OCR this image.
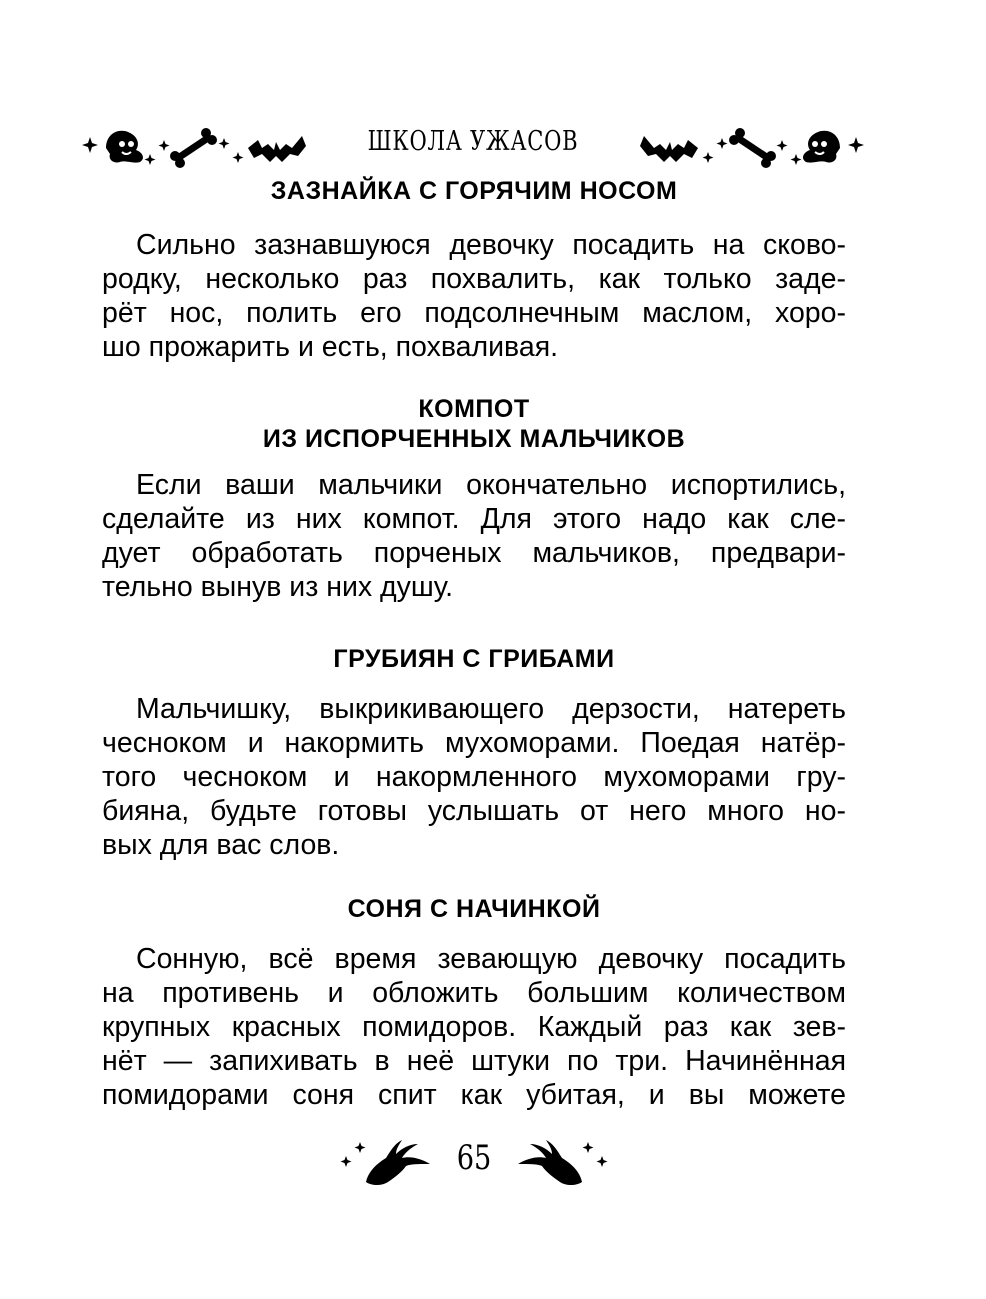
ШКОЛА УЖАСОВ
ЗАЗНАЙКА С ГОРЯЧИМ НОСОМ
Сильно зазнавшуюся девочку посадить на сково-
родку, несколько раз похвалить, как только заде-
рёт нос, полить его подсолнечным маслом, хоро-
шо прожарить и есть, похваливая.
КОМПОТ
ИЗ ИСПОРЧЕННЫХ МАЛЬЧИКОВ
Если ваши мальчики окончательно испортились,
сделайте из них компот. Для этого надо как сле-
дует обработать порченых мальчиков, предвари-
тельно вынув из них душу.
ГРУБИЯН С ГРИБАМИ
Мальчишку, выкрикивающего дерзости, натереть
чесноком и накормить мухоморами. Поедая натёр-
того чесноком и накормленного мухоморами гру-
бияна, будьте готовы услышать от него много но-
вых для вас слов.
СОНЯ С НАЧИНКОЙ
Сонную, всё время зевающую девочку посадить
на противень и обложить большим количеством
крупных красных помидоров. Каждый раз как зев-
нёт — запихивать в неё штуки по три. Начинённая
помидорами соня спит как убитая, и вы можете
65
